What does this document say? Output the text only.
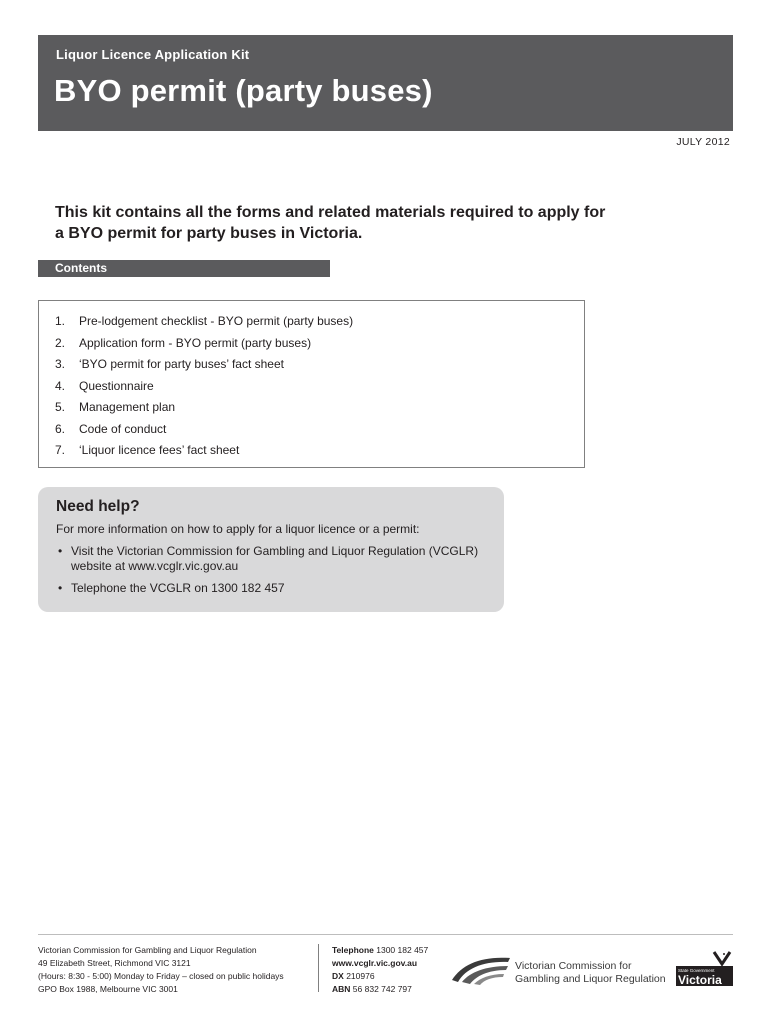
Liquor Licence Application Kit
BYO permit (party buses)
JULY 2012
This kit contains all the forms and related materials required to apply for a BYO permit for party buses in Victoria.
Contents
1. Pre-lodgement checklist - BYO permit (party buses)
2. Application form - BYO permit (party buses)
3. ‘BYO permit for party buses’ fact sheet
4. Questionnaire
5. Management plan
6. Code of conduct
7. ‘Liquor licence fees’ fact sheet
Need help?
For more information on how to apply for a liquor licence or a permit:
• Visit the Victorian Commission for Gambling and Liquor Regulation (VCGLR) website at www.vcglr.vic.gov.au
• Telephone the VCGLR on 1300 182 457
Victorian Commission for Gambling and Liquor Regulation
49 Elizabeth Street, Richmond VIC 3121
(Hours: 8:30 - 5:00) Monday to Friday – closed on public holidays
GPO Box 1988, Melbourne VIC 3001
Telephone 1300 182 457
www.vcglr.vic.gov.au
DX 210976
ABN 56 832 742 797
Victorian Commission for
Gambling and Liquor Regulation
State Government
Victoria
